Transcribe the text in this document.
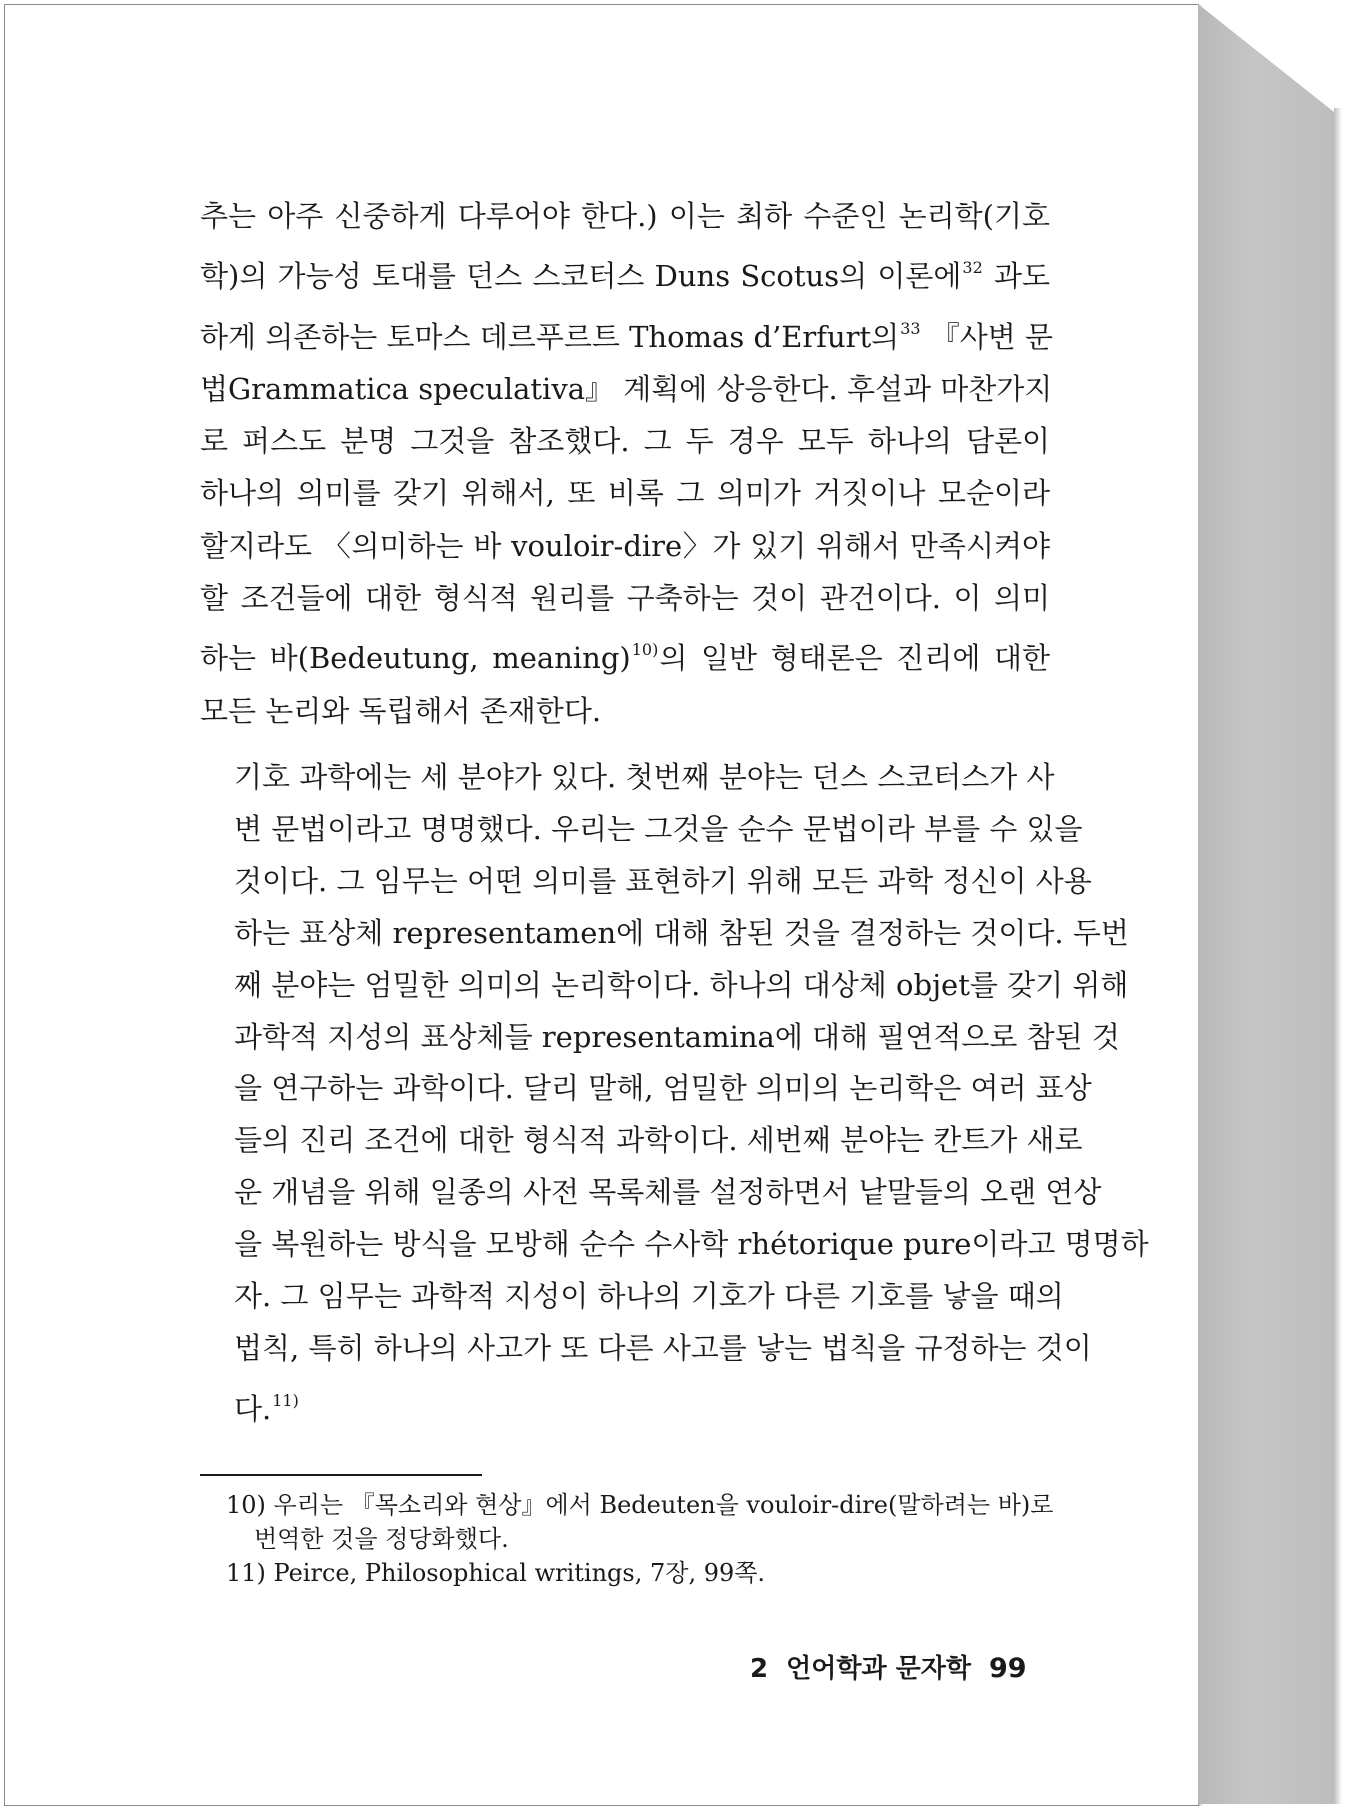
추는 아주 신중하게 다루어야 한다.) 이는 최하 수준인 논리학(기호
학)의 가능성 토대를 던스 스코터스 Duns Scotus의 이론에$^{32}$ 과도
하게 의존하는 토마스 데르푸르트 Thomas d’Erfurt의$^{33}$ 『사변 문
법Grammatica speculativa』 계획에 상응한다. 후설과 마찬가지
로 퍼스도 분명 그것을 참조했다. 그 두 경우 모두 하나의 담론이
하나의 의미를 갖기 위해서, 또 비록 그 의미가 거짓이나 모순이라
할지라도 〈의미하는 바 vouloir-dire〉가 있기 위해서 만족시켜야
할 조건들에 대한 형식적 원리를 구축하는 것이 관건이다. 이 의미
하는 바(Bedeutung, meaning)$^{10)}$의 일반 형태론은 진리에 대한
모든 논리와 독립해서 존재한다.
기호 과학에는 세 분야가 있다. 첫번째 분야는 던스 스코터스가 사
변 문법이라고 명명했다. 우리는 그것을 순수 문법이라 부를 수 있을
것이다. 그 임무는 어떤 의미를 표현하기 위해 모든 과학 정신이 사용
하는 표상체 representamen에 대해 참된 것을 결정하는 것이다. 두번
째 분야는 엄밀한 의미의 논리학이다. 하나의 대상체 objet를 갖기 위해
과학적 지성의 표상체들 representamina에 대해 필연적으로 참된 것
을 연구하는 과학이다. 달리 말해, 엄밀한 의미의 논리학은 여러 표상
들의 진리 조건에 대한 형식적 과학이다. 세번째 분야는 칸트가 새로
운 개념을 위해 일종의 사전 목록체를 설정하면서 낱말들의 오랜 연상
을 복원하는 방식을 모방해 순수 수사학 rhétorique pure이라고 명명하
자. 그 임무는 과학적 지성이 하나의 기호가 다른 기호를 낳을 때의
법칙, 특히 하나의 사고가 또 다른 사고를 낳는 법칙을 규정하는 것이
다.$^{11)}$
10) 우리는 『목소리와 현상』에서 Bedeuten을 vouloir-dire(말하려는 바)로
번역한 것을 정당화했다.
11) Peirce, Philosophical writings, 7장, 99쪽.
2 언어학과 문자학 99
